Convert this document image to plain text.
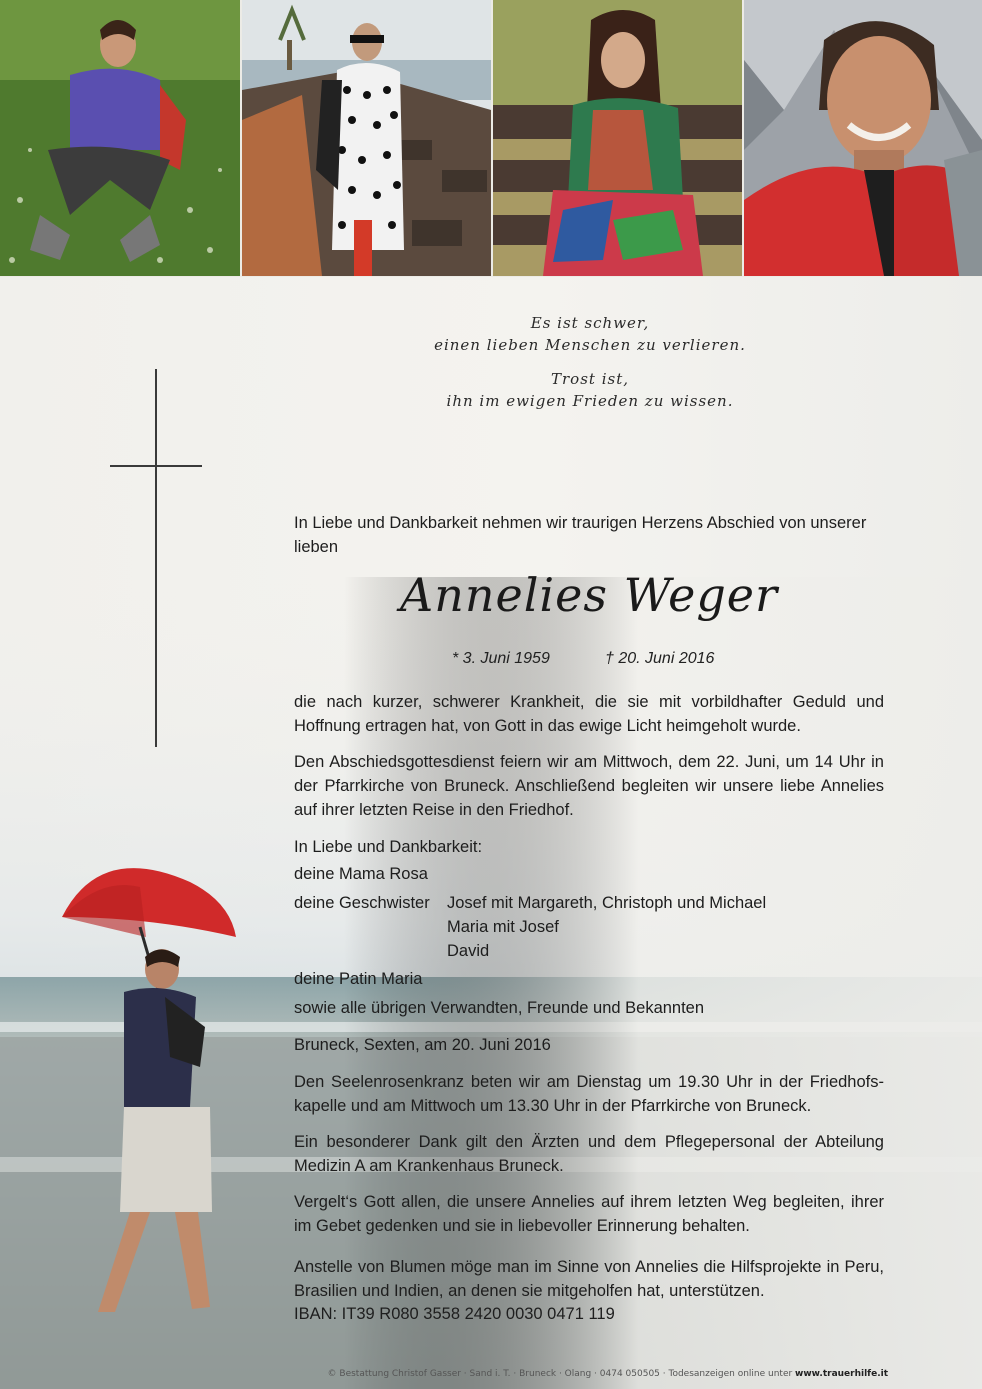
Es ist schwer,
einen lieben Menschen zu verlieren.
Trost ist,
ihn im ewigen Frieden zu wissen.
In Liebe und Dankbarkeit nehmen wir traurigen Herzens Abschied von unserer lieben
Annelies Weger
* 3. Juni 1959	† 20. Juni 2016
die nach kurzer, schwerer Krankheit, die sie mit vorbildhafter Geduld und Hoffnung ertragen hat, von Gott in das ewige Licht heimgeholt wurde.
Den Abschiedsgottesdienst feiern wir am Mittwoch, dem 22. Juni, um 14 Uhr in der Pfarrkirche von Bruneck. Anschließend begleiten wir unsere liebe Annelies auf ihrer letzten Reise in den Friedhof.
In Liebe und Dankbarkeit:
deine Mama Rosa
deine Geschwister Josef mit Margareth, Christoph und Michael
Maria mit Josef
David
deine Patin Maria
sowie alle übrigen Verwandten, Freunde und Bekannten
Bruneck, Sexten, am 20. Juni 2016
Den Seelenrosenkranz beten wir am Dienstag um 19.30 Uhr in der Friedhofskapelle und am Mittwoch um 13.30 Uhr in der Pfarrkirche von Bruneck.
Ein besonderer Dank gilt den Ärzten und dem Pflegepersonal der Abteilung Medizin A am Krankenhaus Bruneck.
Vergelt‘s Gott allen, die unsere Annelies auf ihrem letzten Weg begleiten, ihrer im Gebet gedenken und sie in liebevoller Erinnerung behalten.
Anstelle von Blumen möge man im Sinne von Annelies die Hilfsprojekte in Peru, Brasilien und Indien, an denen sie mitgeholfen hat, unterstützen.
IBAN: IT39 R080 3558 2420 0030 0471 119
© Bestattung Christof Gasser · Sand i. T. · Bruneck · Olang · 0474 050505 · Todesanzeigen online unter www.trauerhilfe.it
